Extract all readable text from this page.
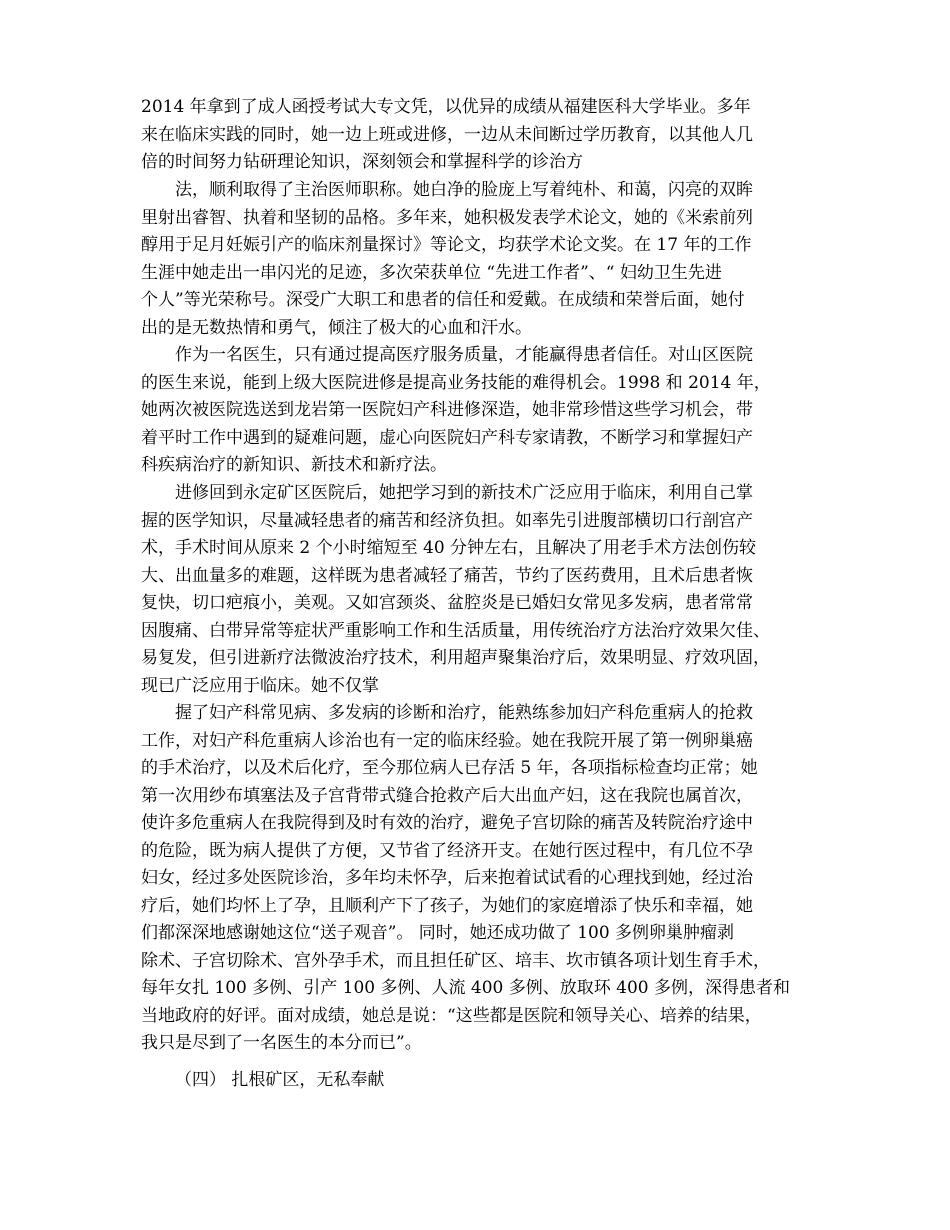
2014 年拿到了成人函授考试大专文凭，以优异的成绩从福建医科大学毕业。多年
来在临床实践的同时，她一边上班或进修，一边从未间断过学历教育，以其他人几
倍的时间努力钻研理论知识，深刻领会和掌握科学的诊治方
法，顺利取得了主治医师职称。她白净的脸庞上写着纯朴、和蔼，闪亮的双眸
里射出睿智、执着和坚韧的品格。多年来，她积极发表学术论文，她的《米索前列
醇用于足月妊娠引产的临床剂量探讨》等论文，均获学术论文奖。在 17 年的工作
生涯中她走出一串闪光的足迹，多次荣获单位 “先进工作者”、“ 妇幼卫生先进
个人”等光荣称号。深受广大职工和患者的信任和爱戴。在成绩和荣誉后面，她付
出的是无数热情和勇气，倾注了极大的心血和汗水。
作为一名医生，只有通过提高医疗服务质量，才能赢得患者信任。对山区医院
的医生来说，能到上级大医院进修是提高业务技能的难得机会。1998 和 2014 年，
她两次被医院选送到龙岩第一医院妇产科进修深造，她非常珍惜这些学习机会，带
着平时工作中遇到的疑难问题，虚心向医院妇产科专家请教，不断学习和掌握妇产
科疾病治疗的新知识、新技术和新疗法。
进修回到永定矿区医院后，她把学习到的新技术广泛应用于临床，利用自己掌
握的医学知识，尽量减轻患者的痛苦和经济负担。如率先引进腹部横切口行剖宫产
术，手术时间从原来 2 个小时缩短至 40 分钟左右，且解决了用老手术方法创伤较
大、出血量多的难题，这样既为患者减轻了痛苦，节约了医药费用，且术后患者恢
复快，切口疤痕小，美观。又如宫颈炎、盆腔炎是已婚妇女常见多发病，患者常常
因腹痛、白带异常等症状严重影响工作和生活质量，用传统治疗方法治疗效果欠佳、
易复发，但引进新疗法微波治疗技术，利用超声聚集治疗后，效果明显、疗效巩固，
现已广泛应用于临床。她不仅掌
握了妇产科常见病、多发病的诊断和治疗，能熟练参加妇产科危重病人的抢救
工作，对妇产科危重病人诊治也有一定的临床经验。她在我院开展了第一例卵巢癌
的手术治疗，以及术后化疗，至今那位病人已存活 5 年，各项指标检查均正常；她
第一次用纱布填塞法及子宫背带式缝合抢救产后大出血产妇，这在我院也属首次，
使许多危重病人在我院得到及时有效的治疗，避免子宫切除的痛苦及转院治疗途中
的危险，既为病人提供了方便，又节省了经济开支。在她行医过程中，有几位不孕
妇女，经过多处医院诊治，多年均未怀孕，后来抱着试试看的心理找到她，经过治
疗后，她们均怀上了孕，且顺利产下了孩子，为她们的家庭增添了快乐和幸福，她
们都深深地感谢她这位“送子观音”。 同时，她还成功做了 100 多例卵巢肿瘤剥
除术、子宫切除术、宫外孕手术，而且担任矿区、培丰、坎市镇各项计划生育手术，
每年女扎 100 多例、引产 100 多例、人流 400 多例、放取环 400 多例，深得患者和
当地政府的好评。面对成绩，她总是说：“这些都是医院和领导关心、培养的结果，
我只是尽到了一名医生的本分而已”。
（四） 扎根矿区，无私奉献
